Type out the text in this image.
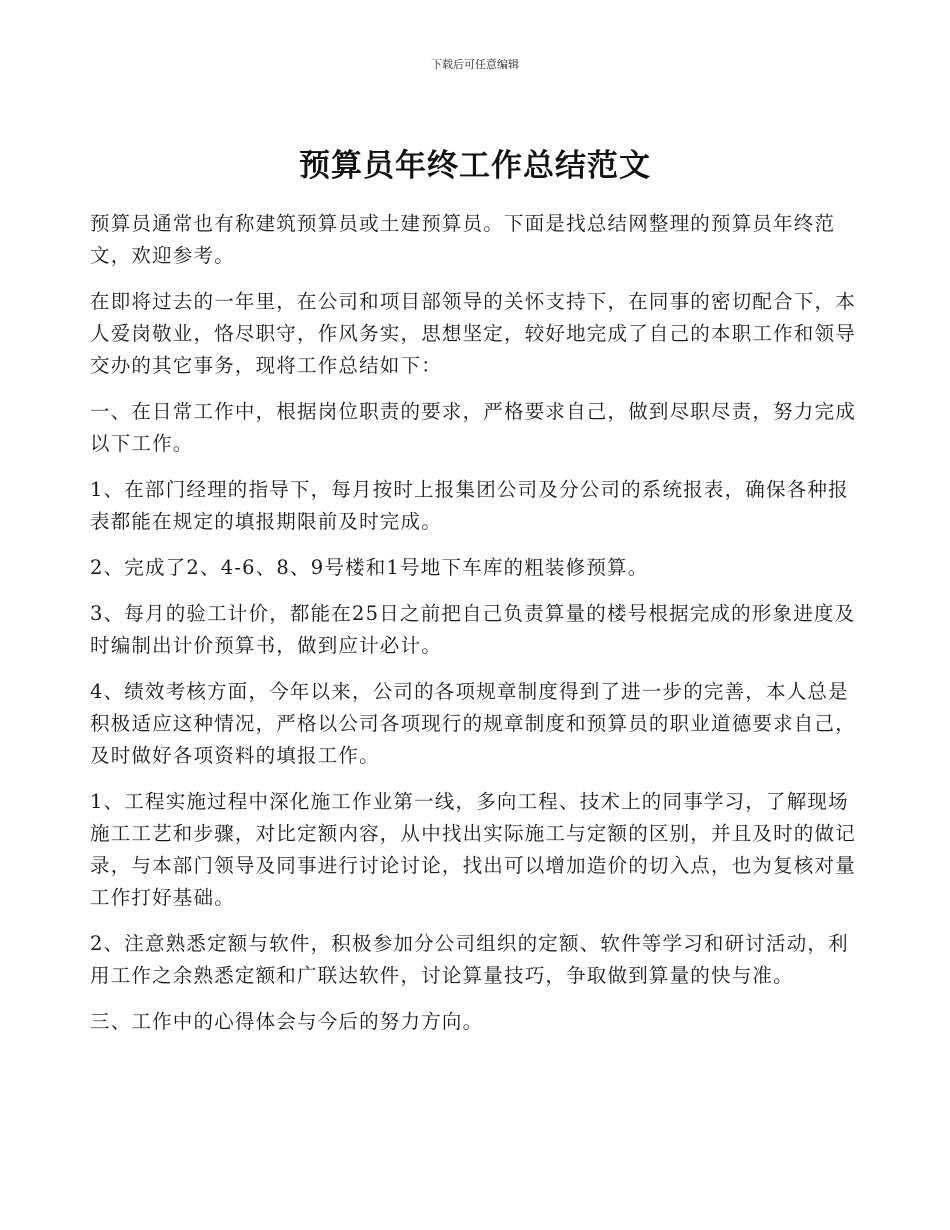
下载后可任意编辑
预算员年终工作总结范文

预算员通常也有称建筑预算员或土建预算员。下面是找总结网整理的预算员年终范文，欢迎参考。

在即将过去的一年里，在公司和项目部领导的关怀支持下，在同事的密切配合下，本人爱岗敬业，恪尽职守，作风务实，思想坚定，较好地完成了自己的本职工作和领导交办的其它事务，现将工作总结如下：

一、在日常工作中，根据岗位职责的要求，严格要求自己，做到尽职尽责，努力完成以下工作。

1、在部门经理的指导下，每月按时上报集团公司及分公司的系统报表，确保各种报表都能在规定的填报期限前及时完成。

2、完成了2、4-6、8、9号楼和1号地下车库的粗装修预算。

3、每月的验工计价，都能在25日之前把自己负责算量的楼号根据完成的形象进度及时编制出计价预算书，做到应计必计。

4、绩效考核方面，今年以来，公司的各项规章制度得到了进一步的完善，本人总是积极适应这种情况，严格以公司各项现行的规章制度和预算员的职业道德要求自己，及时做好各项资料的填报工作。

1、工程实施过程中深化施工作业第一线，多向工程、技术上的同事学习，了解现场施工工艺和步骤，对比定额内容，从中找出实际施工与定额的区别，并且及时的做记录，与本部门领导及同事进行讨论讨论，找出可以增加造价的切入点，也为复核对量工作打好基础。

2、注意熟悉定额与软件，积极参加分公司组织的定额、软件等学习和研讨活动，利用工作之余熟悉定额和广联达软件，讨论算量技巧，争取做到算量的快与准。

三、工作中的心得体会与今后的努力方向。
